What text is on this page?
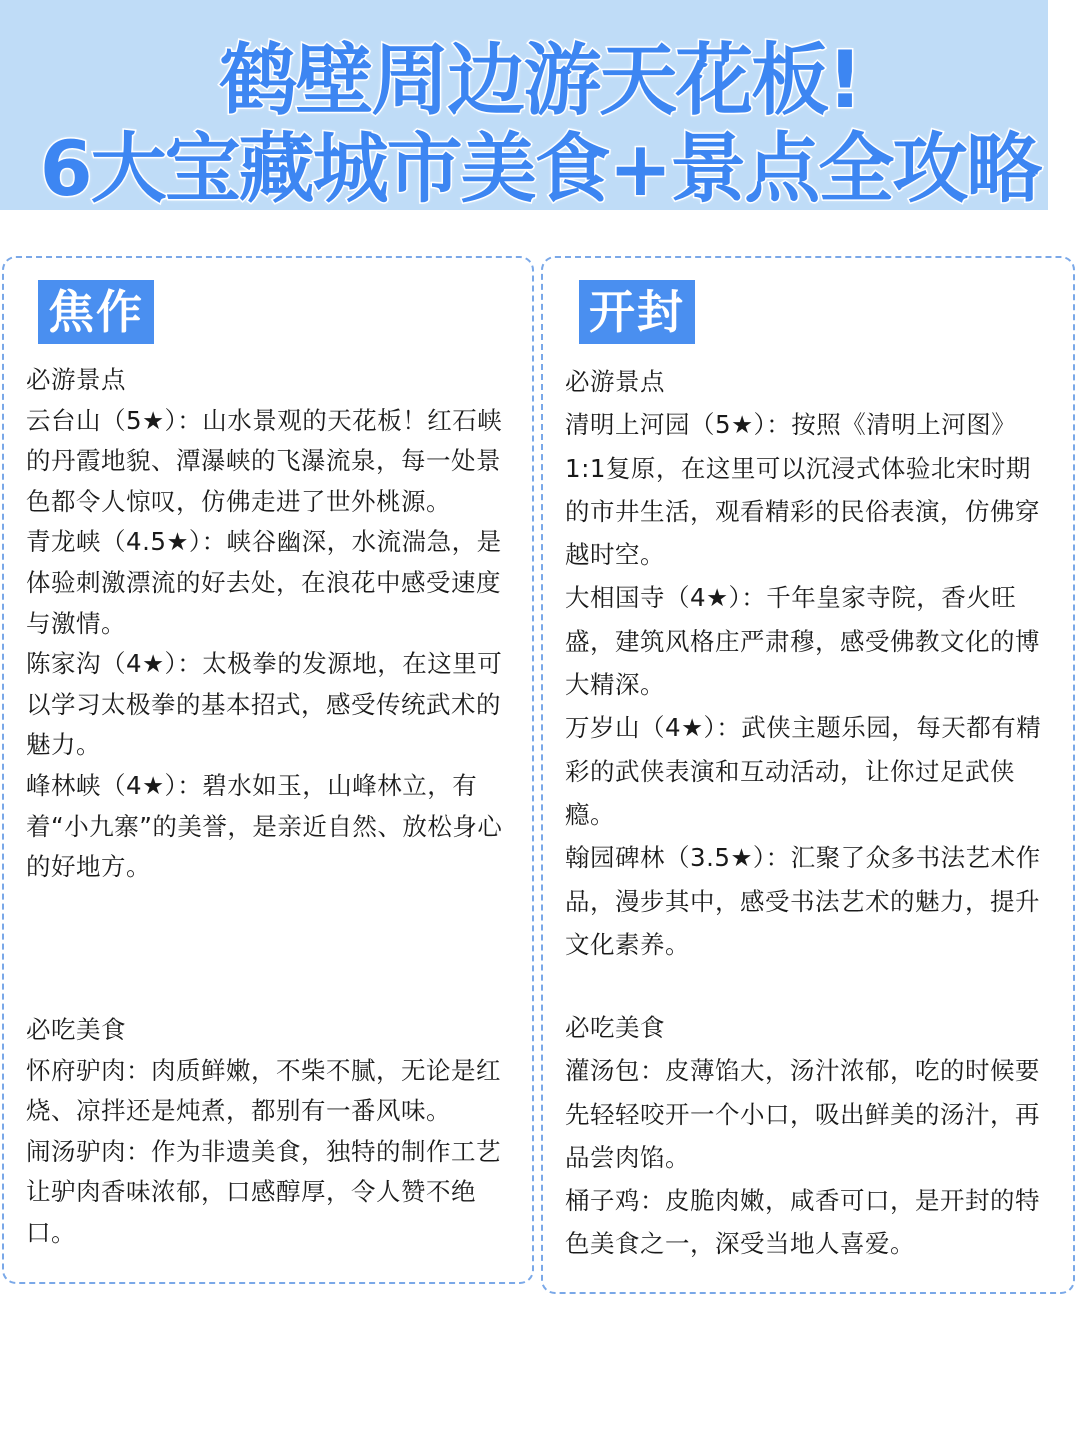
鹤壁周边游天花板!
6大宝藏城市美食+景点全攻略
焦作

必游景点

云台山（5★）：山水景观的天花板！红石峡的丹霞地貌、潭瀑峡的飞瀑流泉，每一处景色都令人惊叹，仿佛走进了世外桃源。

青龙峡（4.5★）：峡谷幽深，水流湍急，是体验刺激漂流的好去处，在浪花中感受速度与激情。

陈家沟（4★）：太极拳的发源地，在这里可以学习太极拳的基本招式，感受传统武术的魅力。

峰林峡（4★）：碧水如玉，山峰林立，有着“小九寨”的美誉，是亲近自然、放松身心的好地方。

必吃美食

怀府驴肉：肉质鲜嫩，不柴不腻，无论是红烧、凉拌还是炖煮，都别有一番风味。

闹汤驴肉：作为非遗美食，独特的制作工艺让驴肉香味浓郁，口感醇厚，令人赞不绝口。

开封

必游景点

清明上河园（5★）：按照《清明上河图》1:1复原，在这里可以沉浸式体验北宋时期的市井生活，观看精彩的民俗表演，仿佛穿越时空。

大相国寺（4★）：千年皇家寺院，香火旺盛，建筑风格庄严肃穆，感受佛教文化的博大精深。

万岁山（4★）：武侠主题乐园，每天都有精彩的武侠表演和互动活动，让你过足武侠瘾。

翰园碑林（3.5★）：汇聚了众多书法艺术作品，漫步其中，感受书法艺术的魅力，提升文化素养。

必吃美食

灌汤包：皮薄馅大，汤汁浓郁，吃的时候要先轻轻咬开一个小口，吸出鲜美的汤汁，再品尝肉馅。

桶子鸡：皮脆肉嫩，咸香可口，是开封的特色美食之一，深受当地人喜爱。
